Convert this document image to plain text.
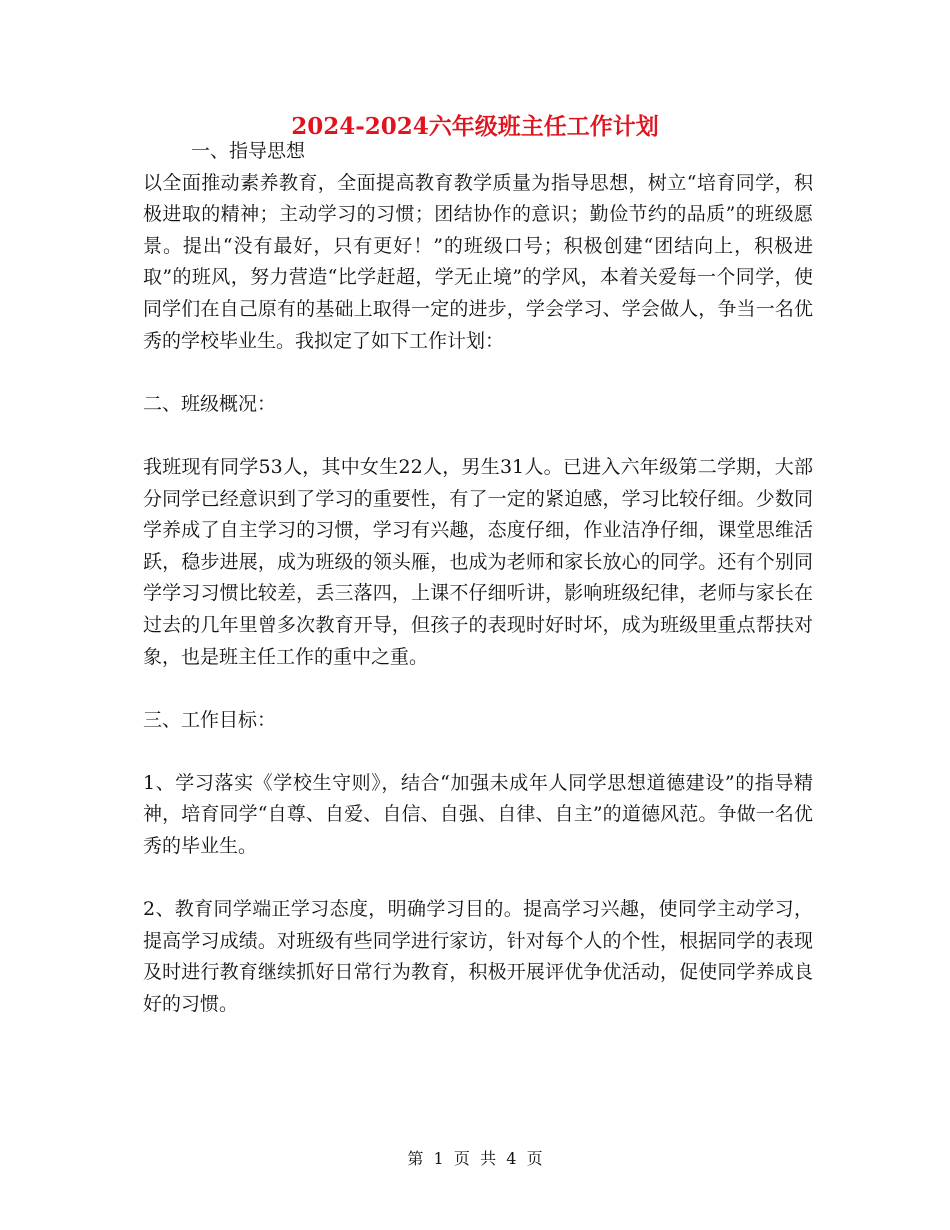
2024-2024六年级班主任工作计划

一、指导思想

以全面推动素养教育，全面提高教育教学质量为指导思想，树立“培育同学，积极进取的精神；主动学习的习惯；团结协作的意识；勤俭节约的品质”的班级愿景。提出“没有最好，只有更好！”的班级口号；积极创建“团结向上，积极进取”的班风，努力营造“比学赶超，学无止境”的学风，本着关爱每一个同学，使同学们在自己原有的基础上取得一定的进步，学会学习、学会做人，争当一名优秀的学校毕业生。我拟定了如下工作计划：

二、班级概况：

我班现有同学53人，其中女生22人，男生31人。已进入六年级第二学期，大部分同学已经意识到了学习的重要性，有了一定的紧迫感，学习比较仔细。少数同学养成了自主学习的习惯，学习有兴趣，态度仔细，作业洁净仔细，课堂思维活跃，稳步进展，成为班级的领头雁，也成为老师和家长放心的同学。还有个别同学学习习惯比较差，丢三落四，上课不仔细听讲，影响班级纪律，老师与家长在过去的几年里曾多次教育开导，但孩子的表现时好时坏，成为班级里重点帮扶对象，也是班主任工作的重中之重。

三、工作目标：

1、学习落实《学校生守则》，结合“加强未成年人同学思想道德建设”的指导精神，培育同学“自尊、自爱、自信、自强、自律、自主”的道德风范。争做一名优秀的毕业生。

2、教育同学端正学习态度，明确学习目的。提高学习兴趣，使同学主动学习，提高学习成绩。对班级有些同学进行家访，针对每个人的个性，根据同学的表现及时进行教育继续抓好日常行为教育，积极开展评优争优活动，促使同学养成良好的习惯。

第  1  页  共  4  页
